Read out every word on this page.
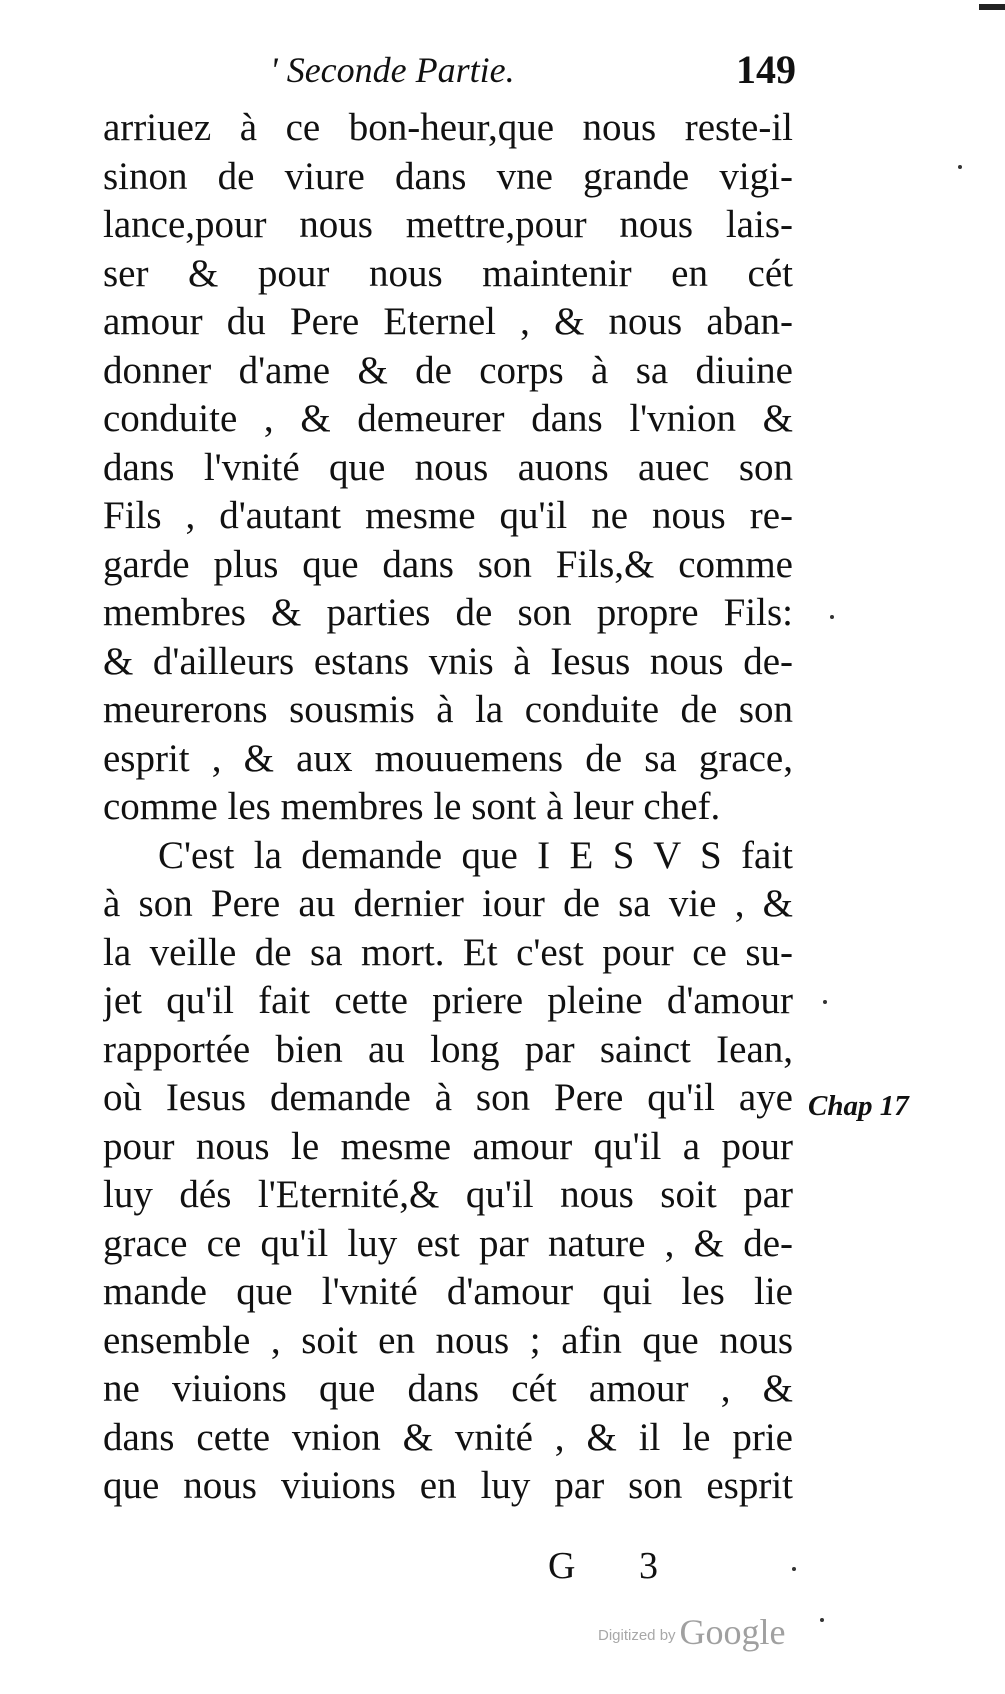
' Seconde Partie.	149
arriuez à ce bon-heur,que nous reste-il
sinon de viure dans vne grande vigi-
lance,pour nous mettre,pour nous lais-
ser & pour nous maintenir en cét
amour du Pere Eternel , & nous aban-
donner d'ame & de corps à sa diuine
conduite , & demeurer dans l'vnion &
dans l'vnité que nous auons auec son
Fils , d'autant mesme qu'il ne nous re-
garde plus que dans son Fils,& comme
membres & parties de son propre Fils:
& d'ailleurs estans vnis à Iesus nous de-
meurerons sousmis à la conduite de son
esprit , & aux mouuemens de sa grace,
comme les membres le sont à leur chef.
C'est la demande que I E S V S fait
à son Pere au dernier iour de sa vie , &
la veille de sa mort. Et c'est pour ce su-
jet qu'il fait cette priere pleine d'amour
rapportée bien au long par sainct Iean,
où Iesus demande à son Pere qu'il aye
pour nous le mesme amour qu'il a pour
luy dés l'Eternité,& qu'il nous soit par
grace ce qu'il luy est par nature , & de-
mande que l'vnité d'amour qui les lie
ensemble , soit en nous ; afin que nous
ne viuions que dans cét amour , &
dans cette vnion & vnité , & il le prie
que nous viuions en luy par son esprit
Chap 17
G 3
Digitized by Google
